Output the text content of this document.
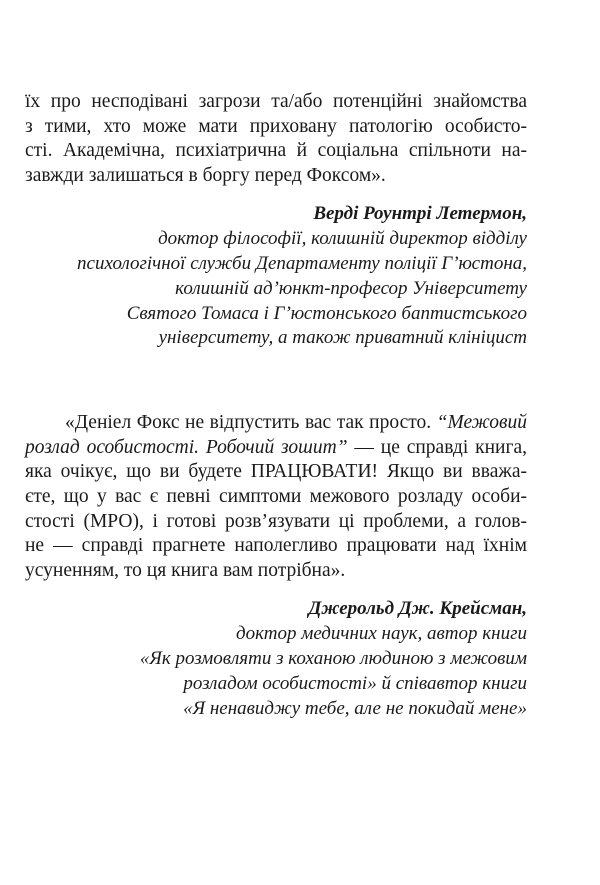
їх про несподівані загрози та/або потенційні знайомства
з тими, хто може мати приховану патологію особисто-
сті. Академічна, психіатрична й соціальна спільноти на-
завжди залишаться в боргу перед Фоксом».

Верді Роунтрі Летермон,
доктор філософії, колишній директор відділу
психологічної служби Департаменту поліції Г’юстона,
колишній ад’юнкт-професор Університету
Святого Томаса і Г’юстонського баптистського
університету, а також приватний клініцист

«Деніел Фокс не відпустить вас так просто. “Межовий
розлад особистості. Робочий зошит” — це справді книга,
яка очікує, що ви будете ПРАЦЮВАТИ! Якщо ви вважа-
єте, що у вас є певні симптоми межового розладу особи-
стості (МРО), і готові розв’язувати ці проблеми, а голов-
не — справді прагнете наполегливо працювати над їхнім
усуненням, то ця книга вам потрібна».

Джерольд Дж. Крейсман,
доктор медичних наук, автор книги
«Як розмовляти з коханою людиною з межовим
розладом особистості» й співавтор книги
«Я ненавиджу тебе, але не покидай мене»
